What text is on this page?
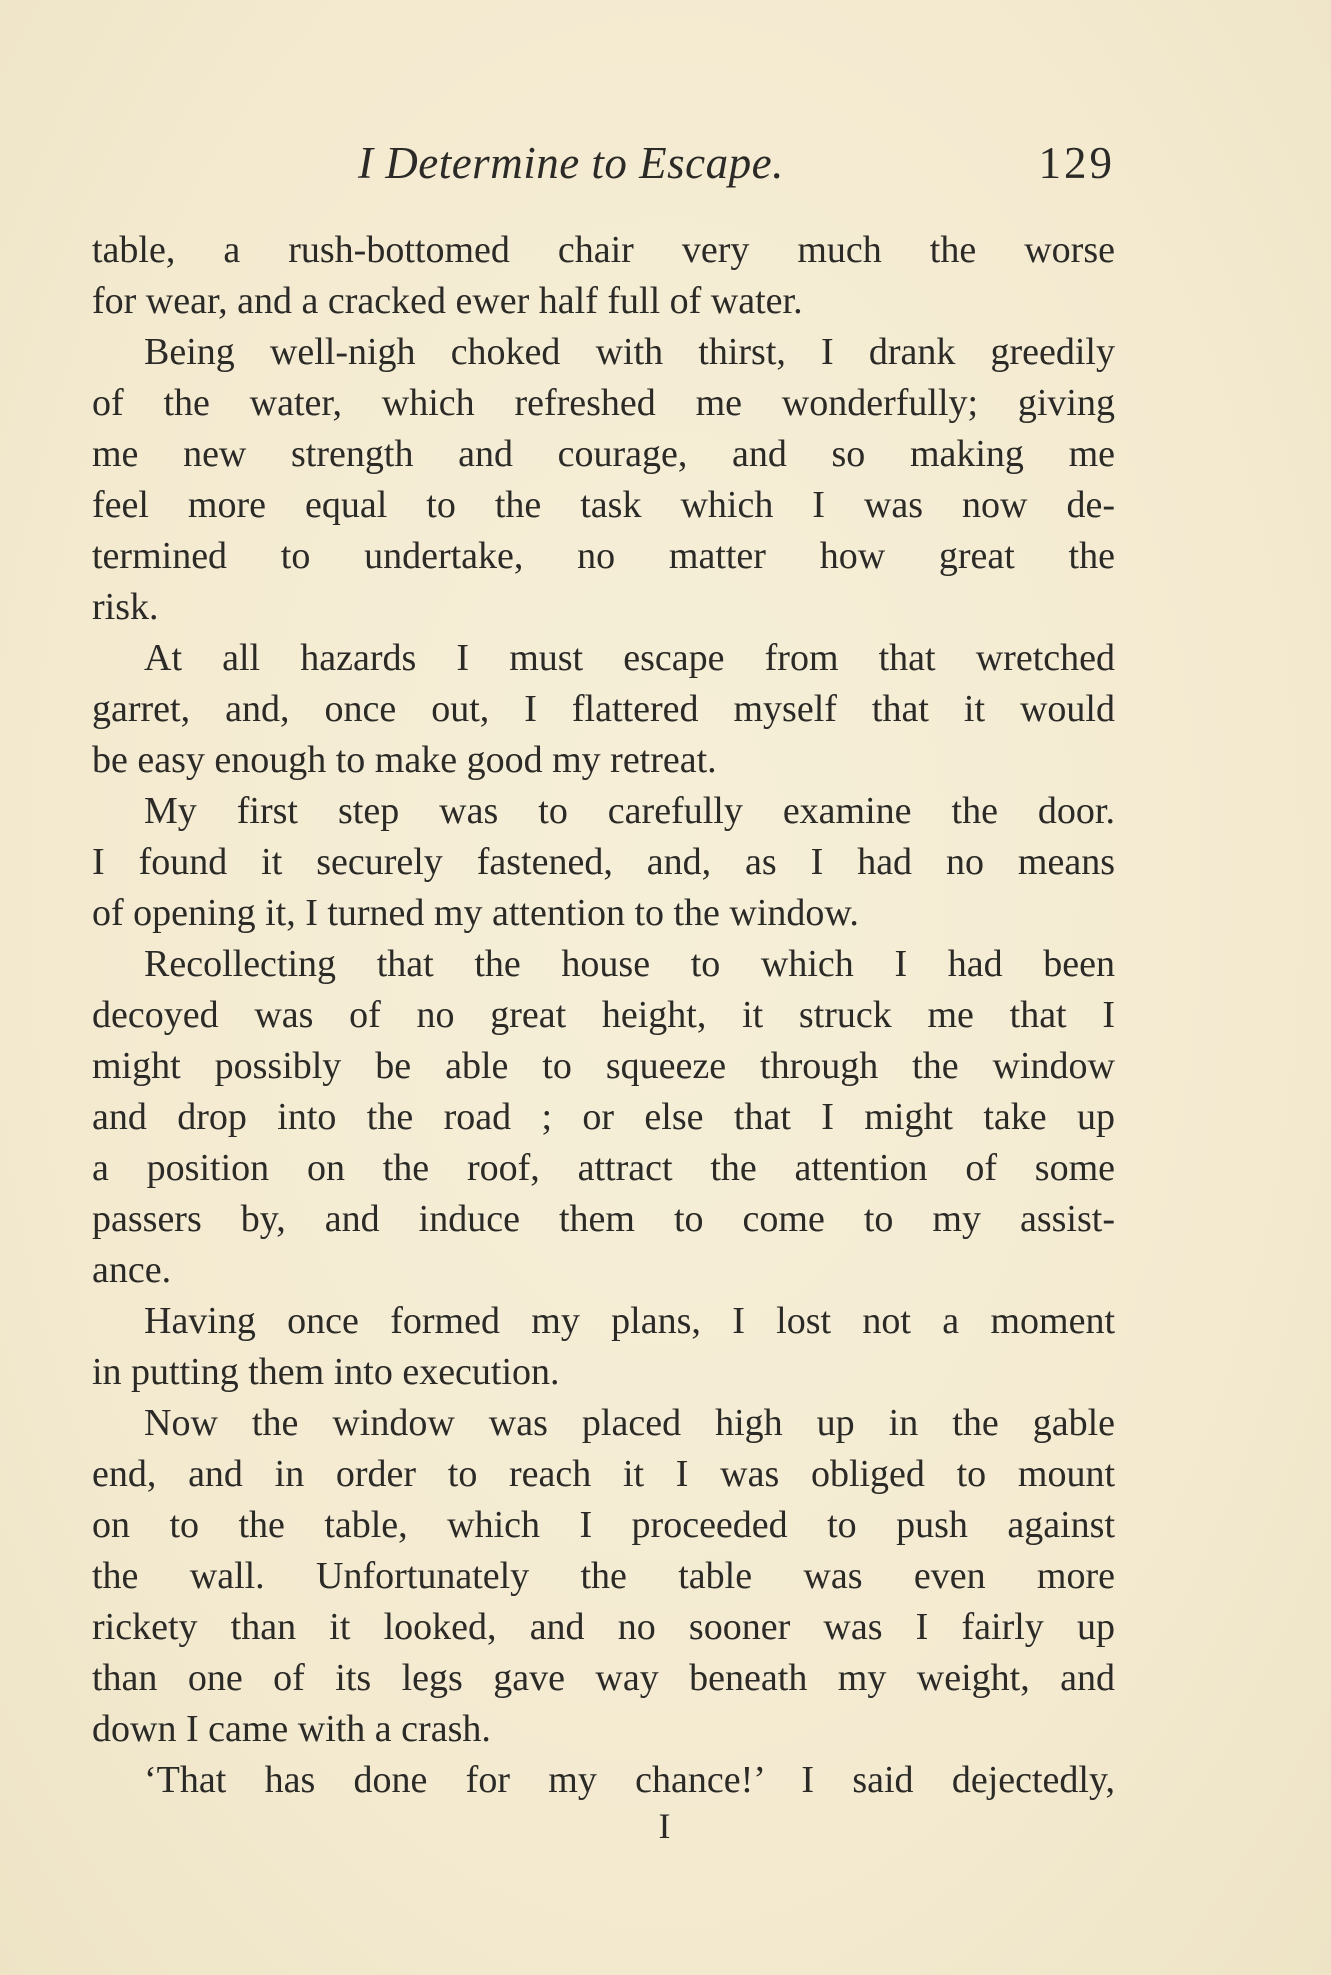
I Determine to Escape.	129
table, a rush-bottomed chair very much the worse
for wear, and a cracked ewer half full of water.
Being well-nigh choked with thirst, I drank greedily
of the water, which refreshed me wonderfully; giving
me new strength and courage, and so making me
feel more equal to the task which I was now de-
termined to undertake, no matter how great the
risk.
At all hazards I must escape from that wretched
garret, and, once out, I flattered myself that it would
be easy enough to make good my retreat.
My first step was to carefully examine the door.
I found it securely fastened, and, as I had no means
of opening it, I turned my attention to the window.
Recollecting that the house to which I had been
decoyed was of no great height, it struck me that I
might possibly be able to squeeze through the window
and drop into the road ; or else that I might take up
a position on the roof, attract the attention of some
passers by, and induce them to come to my assist-
ance.
Having once formed my plans, I lost not a moment
in putting them into execution.
Now the window was placed high up in the gable
end, and in order to reach it I was obliged to mount
on to the table, which I proceeded to push against
the wall. Unfortunately the table was even more
rickety than it looked, and no sooner was I fairly up
than one of its legs gave way beneath my weight, and
down I came with a crash.
‘That has done for my chance!’ I said dejectedly,
I
